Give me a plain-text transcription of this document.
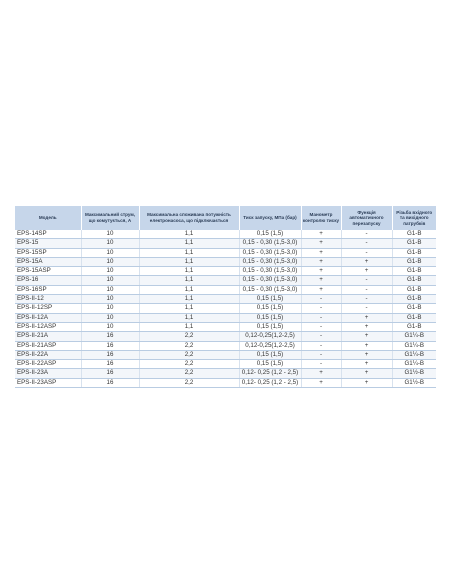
Модель	Максимальний струм, що комутується, А	Максимальна споживана потужність електронасоса, що підключається	Тиск запуску, МПа (бар)	Манометр контролю тиску	Функція автоматичного перезапуску	Різьба вхідного та вихідного патрубків
EPS-14SP	10	1,1	0,15 (1,5)	+	-	G1-B
EPS-15	10	1,1	0,15 - 0,30 (1,5-3,0)	+	-	G1-B
EPS-15SP	10	1,1	0,15 - 0,30 (1,5-3,0)	+	-	G1-B
EPS-15A	10	1,1	0,15 - 0,30 (1,5-3,0)	+	+	G1-B
EPS-15ASP	10	1,1	0,15 - 0,30 (1,5-3,0)	+	+	G1-B
EPS-16	10	1,1	0,15 - 0,30 (1,5-3,0)	+	-	G1-B
EPS-16SP	10	1,1	0,15 - 0,30 (1,5-3,0)	+	-	G1-B
EPS-II-12	10	1,1	0,15 (1,5)	-	-	G1-B
EPS-II-12SP	10	1,1	0,15 (1,5)	-	-	G1-B
EPS-II-12A	10	1,1	0,15 (1,5)	-	+	G1-B
EPS-II-12ASP	10	1,1	0,15 (1,5)	-	+	G1-B
EPS-II-21A	16	2,2	0,12-0,25(1,2-2,5)	-	+	G1¼-B
EPS-II-21ASP	16	2,2	0,12-0,25(1,2-2,5)	-	+	G1¼-B
EPS-II-22A	16	2,2	0,15 (1,5)	-	+	G1¼-B
EPS-II-22ASP	16	2,2	0,15 (1,5)	-	+	G1¼-B
EPS-II-23A	16	2,2	0,12- 0,25 (1,2 - 2,5)	+	+	G1½-B
EPS-II-23ASP	16	2,2	0,12- 0,25 (1,2 - 2,5)	+	+	G1½-B
